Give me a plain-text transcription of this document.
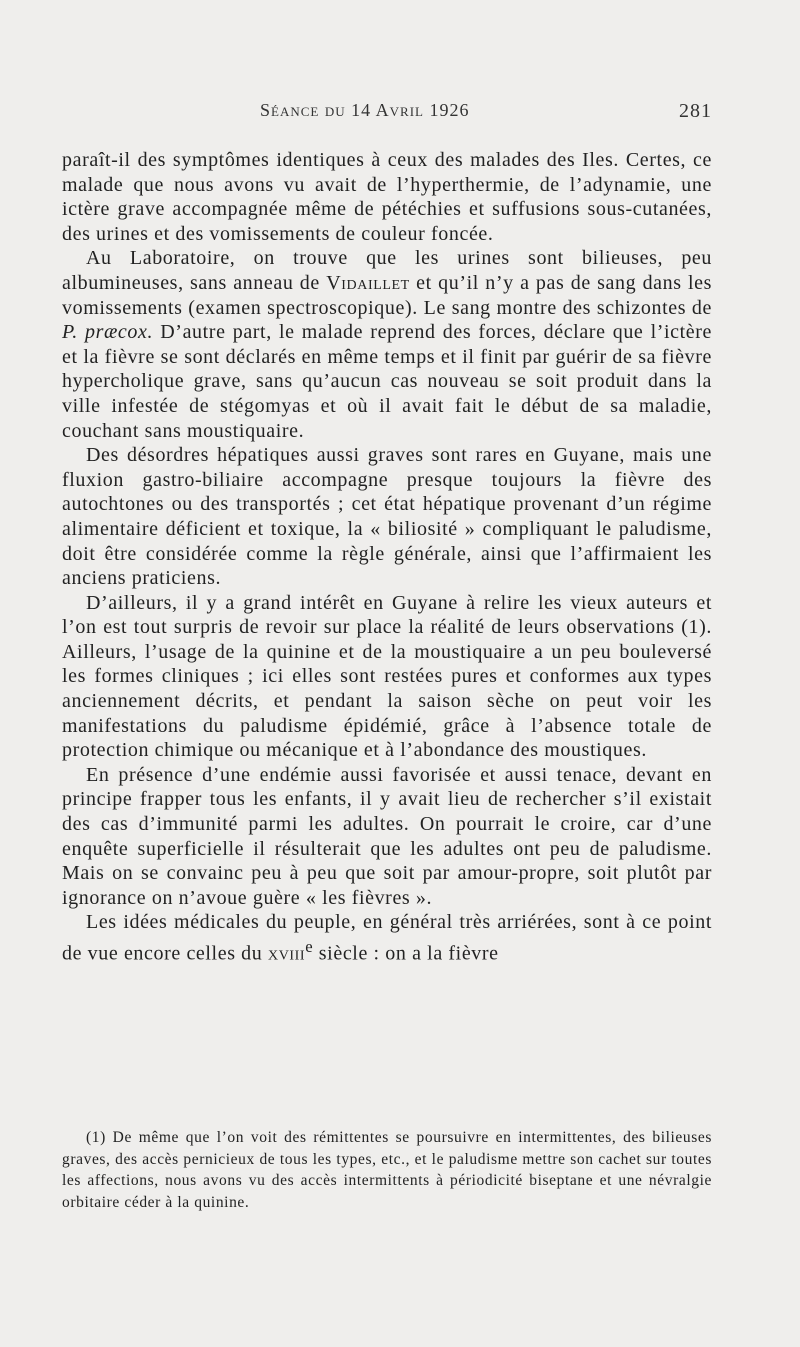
Séance du 14 Avril 1926	281

paraît-il des symptômes identiques à ceux des malades des Iles. Certes, ce malade que nous avons vu avait de l’hyperthermie, de l’adynamie, une ictère grave accompagnée même de pétéchies et suffusions sous-cutanées, des urines et des vomissements de couleur foncée.

Au Laboratoire, on trouve que les urines sont bilieuses, peu albumineuses, sans anneau de Vidaillet et qu’il n’y a pas de sang dans les vomissements (examen spectroscopique). Le sang montre des schizontes de P. præcox. D’autre part, le malade reprend des forces, déclare que l’ictère et la fièvre se sont déclarés en même temps et il finit par guérir de sa fièvre hypercholique grave, sans qu’aucun cas nouveau se soit produit dans la ville infestée de stégomyas et où il avait fait le début de sa maladie, couchant sans moustiquaire.

Des désordres hépatiques aussi graves sont rares en Guyane, mais une fluxion gastro-biliaire accompagne presque toujours la fièvre des autochtones ou des transportés ; cet état hépatique provenant d’un régime alimentaire déficient et toxique, la « biliosité » compliquant le paludisme, doit être considérée comme la règle générale, ainsi que l’affirmaient les anciens praticiens.

D’ailleurs, il y a grand intérêt en Guyane à relire les vieux auteurs et l’on est tout surpris de revoir sur place la réalité de leurs observations (1). Ailleurs, l’usage de la quinine et de la moustiquaire a un peu bouleversé les formes cliniques ; ici elles sont restées pures et conformes aux types anciennement décrits, et pendant la saison sèche on peut voir les manifestations du paludisme épidémié, grâce à l’absence totale de protection chimique ou mécanique et à l’abondance des moustiques.

En présence d’une endémie aussi favorisée et aussi tenace, devant en principe frapper tous les enfants, il y avait lieu de rechercher s’il existait des cas d’immunité parmi les adultes. On pourrait le croire, car d’une enquête superficielle il résulterait que les adultes ont peu de paludisme. Mais on se convainc peu à peu que soit par amour-propre, soit plutôt par ignorance on n’avoue guère « les fièvres ».

Les idées médicales du peuple, en général très arriérées, sont à ce point de vue encore celles du xviii$^e$ siècle : on a la fièvre

(1) De même que l’on voit des rémittentes se poursuivre en intermittentes, des bilieuses graves, des accès pernicieux de tous les types, etc., et le paludisme mettre son cachet sur toutes les affections, nous avons vu des accès intermittents à périodicité biseptane et une névralgie orbitaire céder à la quinine.
